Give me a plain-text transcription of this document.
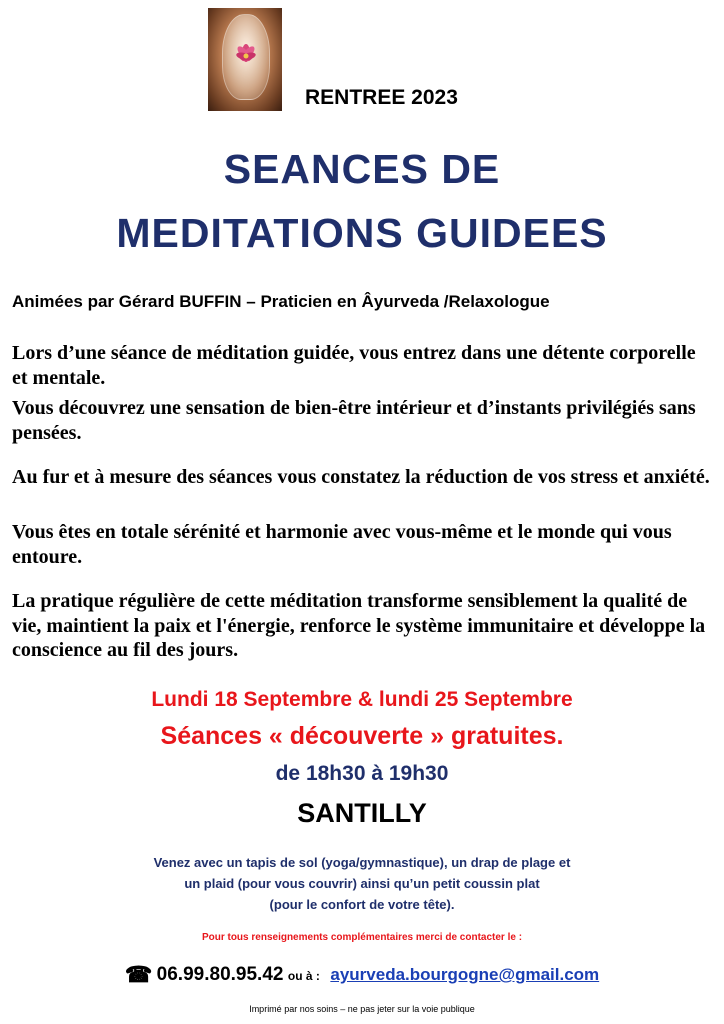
RENTREE 2023
SEANCES DE
MEDITATIONS GUIDEES
Animées par Gérard BUFFIN – Praticien en Âyurveda /Relaxologue
Lors d’une séance de méditation guidée, vous entrez dans une détente corporelle et mentale.
Vous découvrez une sensation de bien-être intérieur et d’instants privilégiés sans pensées.
Au fur et à mesure des séances vous constatez la réduction de vos stress et anxiété.
Vous êtes en totale sérénité et harmonie avec vous-même et le monde qui vous entoure.
La pratique régulière de cette méditation transforme sensiblement la qualité de vie, maintient la paix et l'énergie, renforce le système immunitaire et développe la conscience au fil des jours.
Lundi 18 Septembre & lundi 25 Septembre
Séances « découverte » gratuites.
de 18h30 à 19h30
SANTILLY
Venez avec un tapis de sol (yoga/gymnastique), un drap de plage et
un plaid (pour vous couvrir) ainsi qu’un petit coussin plat
(pour le confort de votre tête).
Pour tous renseignements complémentaires merci de contacter le :
☎ 06.99.80.95.42 ou à : ayurveda.bourgogne@gmail.com
Imprimé par nos soins – ne pas jeter sur la voie publique
